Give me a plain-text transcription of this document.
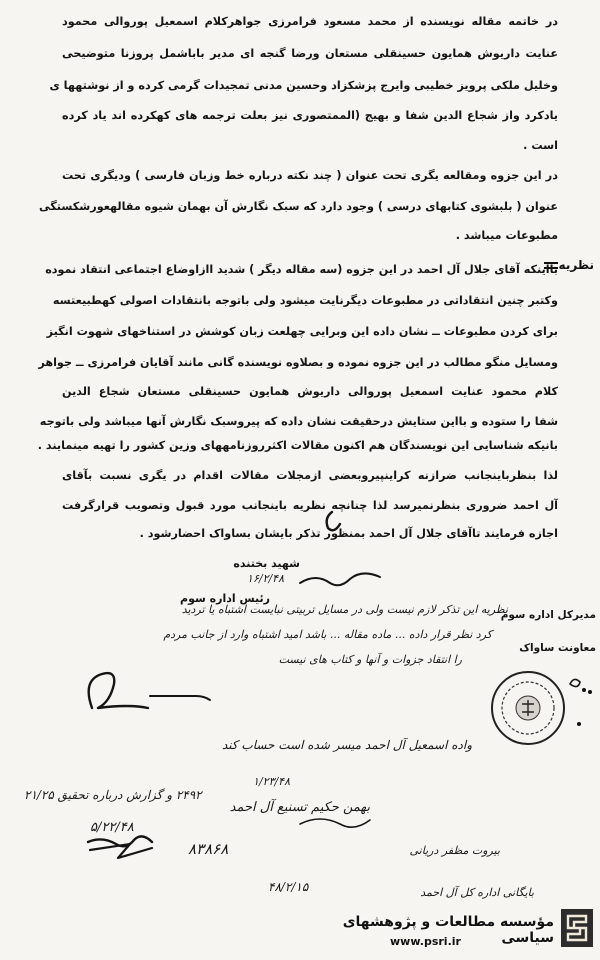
در خاتمه مقاله نویسنده از محمد مسعود فرامرزی جواهرکلام اسمعیل پوروالی محمود
عنایت داریوش همایون حسینقلی مستعان ورضا گنجه ای مدیر باباشمل پروزنا متوضیحی
وخلیل ملکی پرویز خطیبی وایرج پزشکزاد وحسین مدنی تمجیدات گرمی کرده و از نوشتهها ی
یادکرد واز شجاع الدین شفا و بهیج (الممتصوری نیز بعلت ترجمه های کهکرده اند یاد کرده
است .
در این جزوه ومقالعه یگری تحت عنوان ( چند نکته درباره خط وزبان فارسی ) ودیگری تحت
عنوان ( بلبشوی کتابهای درسی ) وجود دارد که سبک نگارش آن بهمان شیوه مقالهعورشکستگی
مطبوعات میباشد .
نظریه
بااینکه آقای جلال آل احمد در این جزوه (سه مقاله دیگر ) شدید اازاوضاع اجتماعی انتقاد نموده
وکتبر چنین انتقاداتی در مطبوعات دیگرنایت میشود ولی باتوجه بانتقادات اصولی کهطبیعتسه
برای کردن مطبوعات ــ نشان داده این وبرایی چهلعت زبان کوشش در استناخهای شهوت انگیز
ومسایل منگو مطالب در این جزوه نموده و بصلاوه نویسنده گانی مانند آقایان فرامرزی ــ جواهر
کلام محمود عنایت اسمعیل پوروالی داریوش همایون حسینقلی مستعان شجاع الدین
شفا را ستوده و بااین ستایش درحقیقت نشان داده که پیروسبک نگارش آنها میباشد ولی باتوجه
بانیکه شناسایی این نویسندگان هم اکنون مقالات اکثرروزنامههای وزین کشور را تهیه مینمایند .
لذا بنظرباینجانب ضرازنه کراینپیروبعضی ازمجلات مقالات اقدام در یگری نسبت بآقای
آل احمد ضروری بنظرنمیرسد لذا چنانچه نظریه باینجانب مورد قبول وتصویب قرارگرفت
اجازه فرمایند تاآقای جلال آل احمد بمنظور تذکر بایشان بساواک احضارشود .
شهید بختنده
۱۶/۲/۴۸
رئیس اداره سوم
مدیرکل اداره سوم
معاونت ساواک
نظریه این تذکر لازم نیست ولی در مسایل تربیتی نبایست اشتباه یا تردید
کرد نظر قرار داده ... ماده مقاله ... باشد امید اشتباه وارد از جانب مردم
را انتقاد جزوات و آنها و کتاب های نیست
واده اسمعیل آل احمد میسر شده است حساب کند
۱/۲۳/۴۸
بهمن حکیم تسنیع آل احمد
۸۳۸۶۸	بیروت مظفر دریانی
۲۴۹۲ و گزارش درباره تحقیق ۲۱/۲۵
۵/۲۲/۴۸
بایگانی اداره کل آل احمد
۴۸/۲/۱۵
مؤسسه مطالعات و پژوهشهای سیاسی
www.psri.ir
